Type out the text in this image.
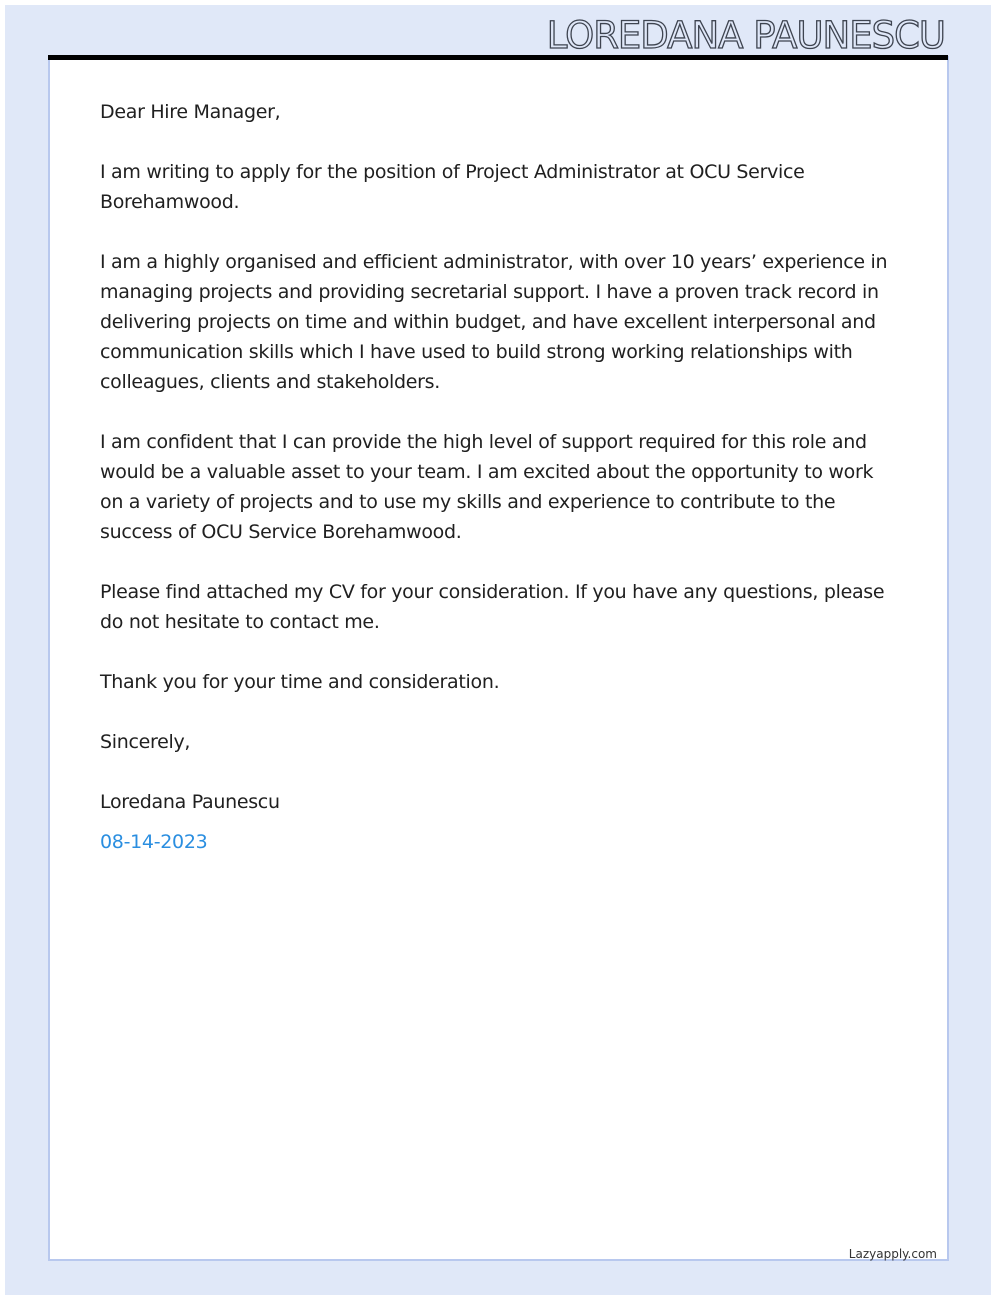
LOREDANA PAUNESCU

Dear Hire Manager,

I am writing to apply for the position of Project Administrator at OCU Service Borehamwood.

I am a highly organised and efficient administrator, with over 10 years’ experience in managing projects and providing secretarial support. I have a proven track record in delivering projects on time and within budget, and have excellent interpersonal and communication skills which I have used to build strong working relationships with colleagues, clients and stakeholders.

I am confident that I can provide the high level of support required for this role and would be a valuable asset to your team. I am excited about the opportunity to work on a variety of projects and to use my skills and experience to contribute to the success of OCU Service Borehamwood.

Please find attached my CV for your consideration. If you have any questions, please do not hesitate to contact me.

Thank you for your time and consideration.

Sincerely,

Loredana Paunescu

08-14-2023

Lazyapply.com
